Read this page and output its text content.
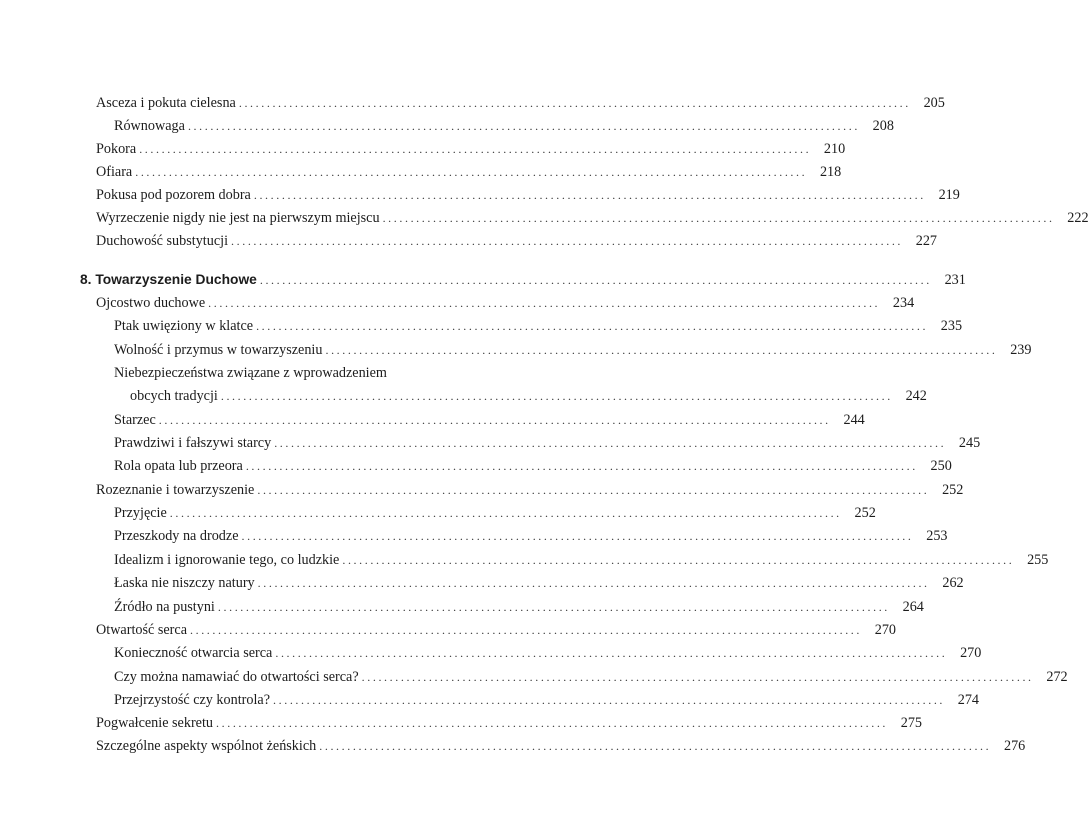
Asceza i pokuta cielesna ........................................................................................................................ 205
Równowaga ........................................................................................................................ 208
Pokora ........................................................................................................................ 210
Ofiara ........................................................................................................................ 218
Pokusa pod pozorem dobra ........................................................................................................................ 219
Wyrzeczenie nigdy nie jest na pierwszym miejscu ........................................................................................................................ 222
Duchowość substytucji ........................................................................................................................ 227
8. Towarzyszenie Duchowe ........................................................................................................................ 231
Ojcostwo duchowe ........................................................................................................................ 234
Ptak uwięziony w klatce ........................................................................................................................ 235
Wolność i przymus w towarzyszeniu ........................................................................................................................ 239
Niebezpieczeństwa związane z wprowadzeniem
obcych tradycji ........................................................................................................................ 242
Starzec ........................................................................................................................ 244
Prawdziwi i fałszywi starcy ........................................................................................................................ 245
Rola opata lub przeora ........................................................................................................................ 250
Rozeznanie i towarzyszenie ........................................................................................................................ 252
Przyjęcie ........................................................................................................................ 252
Przeszkody na drodze ........................................................................................................................ 253
Idealizm i ignorowanie tego, co ludzkie ........................................................................................................................ 255
Łaska nie niszczy natury ........................................................................................................................ 262
Źródło na pustyni ........................................................................................................................ 264
Otwartość serca ........................................................................................................................ 270
Konieczność otwarcia serca ........................................................................................................................ 270
Czy można namawiać do otwartości serca? ........................................................................................................................ 272
Przejrzystość czy kontrola? ........................................................................................................................ 274
Pogwałcenie sekretu ........................................................................................................................ 275
Szczególne aspekty wspólnot żeńskich ........................................................................................................................ 276
